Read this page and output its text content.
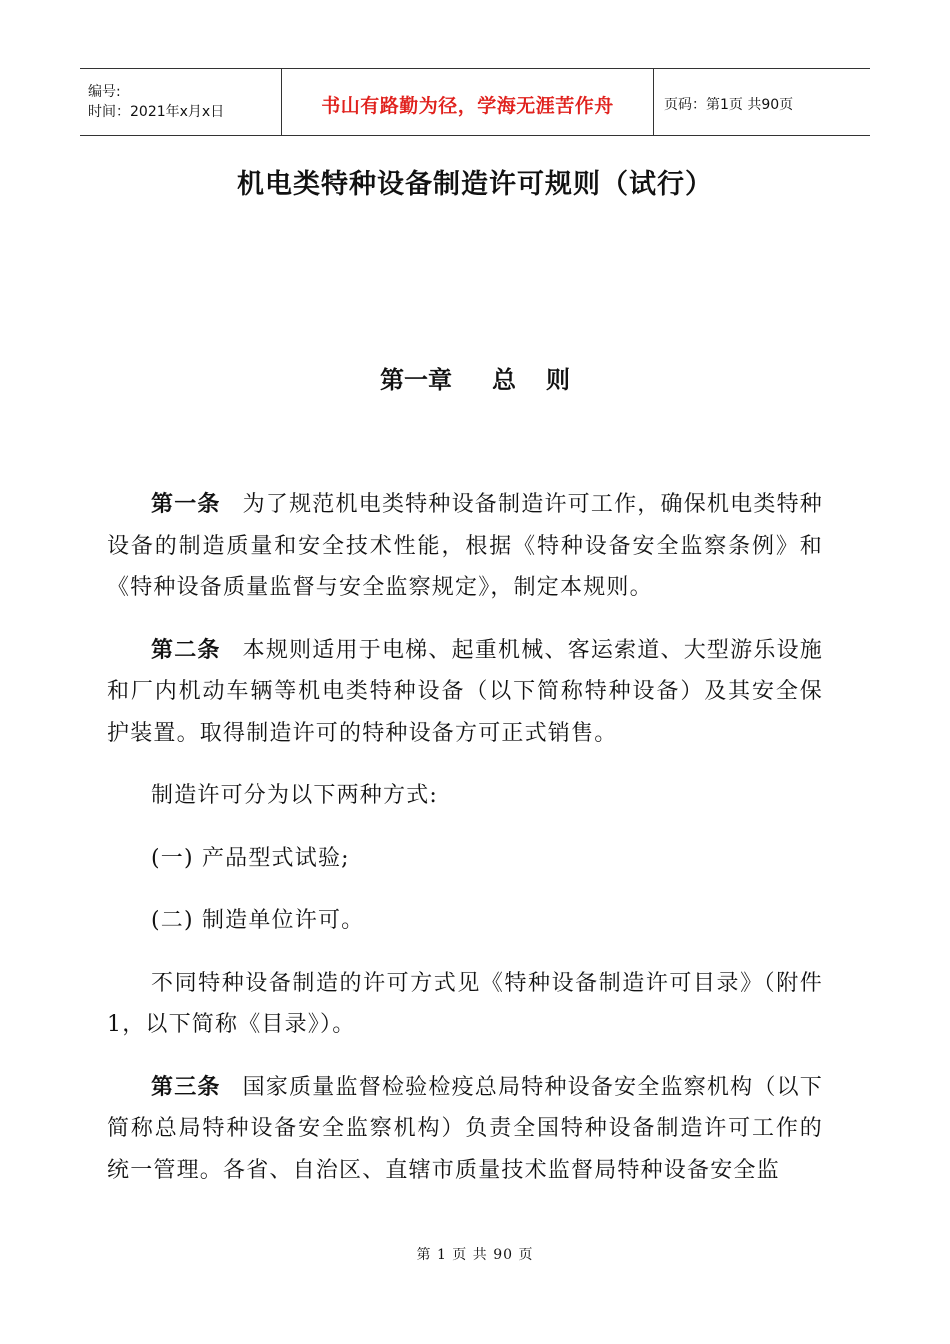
编号:
时间：2021年x月x日	书山有路勤为径，学海无涯苦作舟	页码：第1页 共90页
机电类特种设备制造许可规则（试行）
第一章 总 则

第一条 为了规范机电类特种设备制造许可工作，确保机电类特种设备的制造质量和安全技术性能，根据《特种设备安全监察条例》和《特种设备质量监督与安全监察规定》，制定本规则。

第二条 本规则适用于电梯、起重机械、客运索道、大型游乐设施和厂内机动车辆等机电类特种设备（以下简称特种设备）及其安全保护装置。取得制造许可的特种设备方可正式销售。

制造许可分为以下两种方式:

(一) 产品型式试验;

(二) 制造单位许可。

不同特种设备制造的许可方式见《特种设备制造许可目录》（附件1，以下简称《目录》）。

第三条 国家质量监督检验检疫总局特种设备安全监察机构（以下简称总局特种设备安全监察机构）负责全国特种设备制造许可工作的统一管理。各省、自治区、直辖市质量技术监督局特种设备安全监

第 1 页 共 90 页
